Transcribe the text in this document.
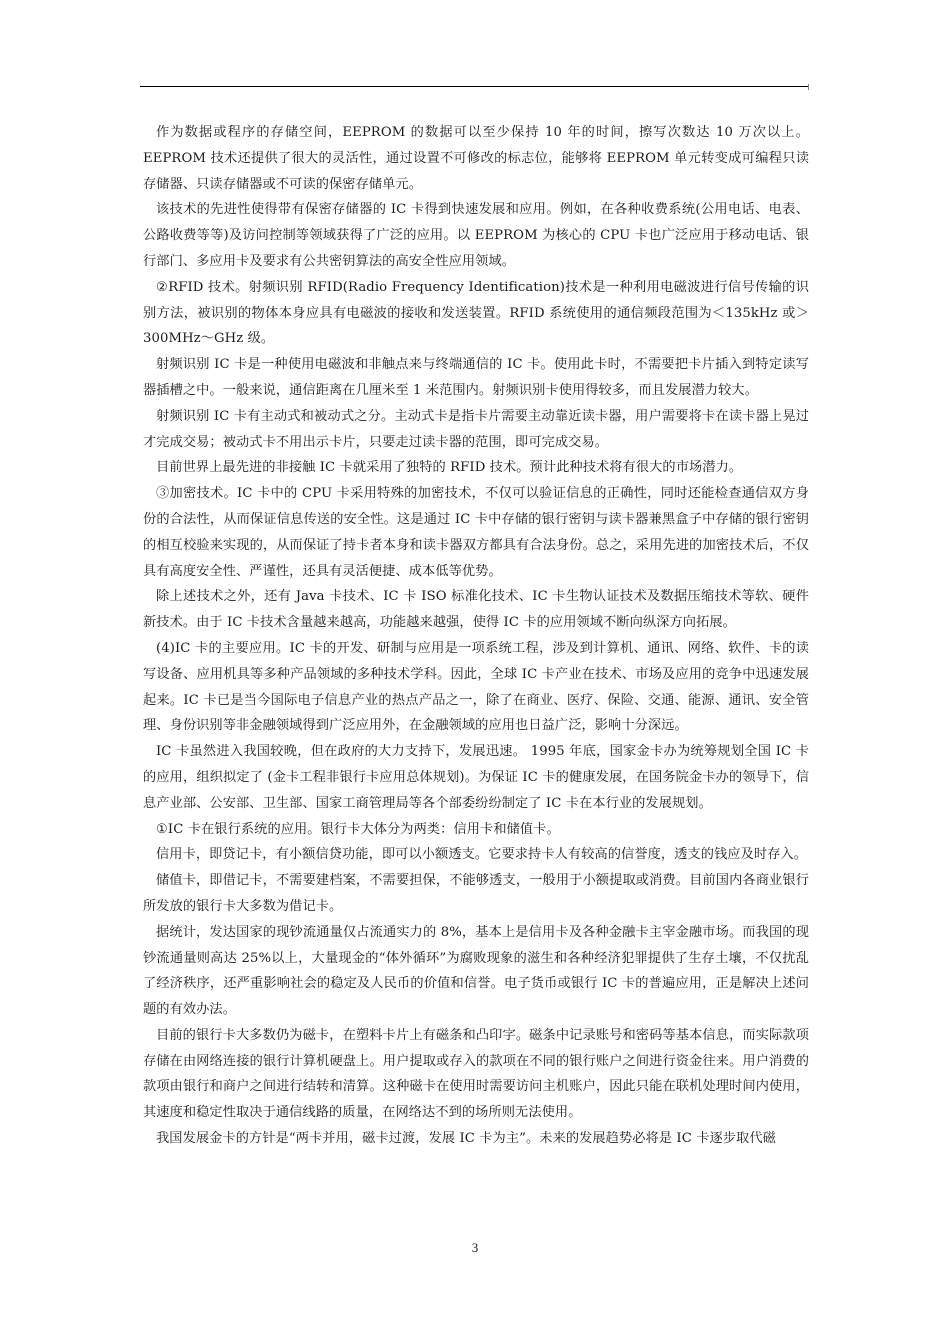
作为数据或程序的存储空间，EEPROM 的数据可以至少保持 10 年的时间，擦写次数达 10 万次以上。EEPROM 技术还提供了很大的灵活性，通过设置不可修改的标志位，能够将 EEPROM 单元转变成可编程只读存储器、只读存储器或不可读的保密存储单元。

该技术的先进性使得带有保密存储器的 IC 卡得到快速发展和应用。例如，在各种收费系统(公用电话、电表、公路收费等等)及访问控制等领域获得了广泛的应用。以 EEPROM 为核心的 CPU 卡也广泛应用于移动电话、银行部门、多应用卡及要求有公共密钥算法的高安全性应用领域。

②RFID 技术。射频识别 RFID(Radio Frequency Identification)技术是一种利用电磁波进行信号传输的识别方法，被识别的物体本身应具有电磁波的接收和发送装置。RFID 系统使用的通信频段范围为＜135kHz 或＞300MHz～GHz 级。

射频识别 IC 卡是一种使用电磁波和非触点来与终端通信的 IC 卡。使用此卡时，不需要把卡片插入到特定读写器插槽之中。一般来说，通信距离在几厘米至 1 米范围内。射频识别卡使用得较多，而且发展潜力较大。

射频识别 IC 卡有主动式和被动式之分。主动式卡是指卡片需要主动靠近读卡器，用户需要将卡在读卡器上晃过才完成交易；被动式卡不用出示卡片，只要走过读卡器的范围，即可完成交易。

目前世界上最先进的非接触 IC 卡就采用了独特的 RFID 技术。预计此种技术将有很大的市场潜力。

③加密技术。IC 卡中的 CPU 卡采用特殊的加密技术，不仅可以验证信息的正确性，同时还能检查通信双方身份的合法性，从而保证信息传送的安全性。这是通过 IC 卡中存储的银行密钥与读卡器兼黑盒子中存储的银行密钥的相互校验来实现的，从而保证了持卡者本身和读卡器双方都具有合法身份。总之，采用先进的加密技术后，不仅具有高度安全性、严谨性，还具有灵活便捷、成本低等优势。

除上述技术之外，还有 Java 卡技术、IC 卡 ISO 标准化技术、IC 卡生物认证技术及数据压缩技术等软、硬件新技术。由于 IC 卡技术含量越来越高，功能越来越强，使得 IC 卡的应用领域不断向纵深方向拓展。

(4)IC 卡的主要应用。IC 卡的开发、研制与应用是一项系统工程，涉及到计算机、通讯、网络、软件、卡的读写设备、应用机具等多种产品领域的多种技术学科。因此，全球 IC 卡产业在技术、市场及应用的竞争中迅速发展起来。IC 卡已是当今国际电子信息产业的热点产品之一，除了在商业、医疗、保险、交通、能源、通讯、安全管理、身份识别等非金融领域得到广泛应用外，在金融领域的应用也日益广泛，影响十分深远。

IC 卡虽然进入我国较晚，但在政府的大力支持下，发展迅速。 1995 年底，国家金卡办为统筹规划全国 IC 卡的应用，组织拟定了 (金卡工程非银行卡应用总体规划)。为保证 IC 卡的健康发展，在国务院金卡办的领导下，信息产业部、公安部、卫生部、国家工商管理局等各个部委纷纷制定了 IC 卡在本行业的发展规划。

①IC 卡在银行系统的应用。银行卡大体分为两类：信用卡和储值卡。

信用卡，即贷记卡，有小额信贷功能，即可以小额透支。它要求持卡人有较高的信誉度，透支的钱应及时存入。

储值卡，即借记卡，不需要建档案，不需要担保，不能够透支，一般用于小额提取或消费。目前国内各商业银行所发放的银行卡大多数为借记卡。

据统计，发达国家的现钞流通量仅占流通实力的 8%，基本上是信用卡及各种金融卡主宰金融市场。而我国的现钞流通量则高达 25%以上，大量现金的“体外循环”为腐败现象的滋生和各种经济犯罪提供了生存土壤，不仅扰乱了经济秩序，还严重影响社会的稳定及人民币的价值和信誉。电子货币或银行 IC 卡的普遍应用，正是解决上述问题的有效办法。

目前的银行卡大多数仍为磁卡，在塑料卡片上有磁条和凸印字。磁条中记录账号和密码等基本信息，而实际款项存储在由网络连接的银行计算机硬盘上。用户提取或存入的款项在不同的银行账户之间进行资金往来。用户消费的款项由银行和商户之间进行结转和清算。这种磁卡在使用时需要访问主机账户，因此只能在联机处理时间内使用，其速度和稳定性取决于通信线路的质量，在网络达不到的场所则无法使用。

我国发展金卡的方针是“两卡并用，磁卡过渡，发展 IC 卡为主”。未来的发展趋势必将是 IC 卡逐步取代磁

3
